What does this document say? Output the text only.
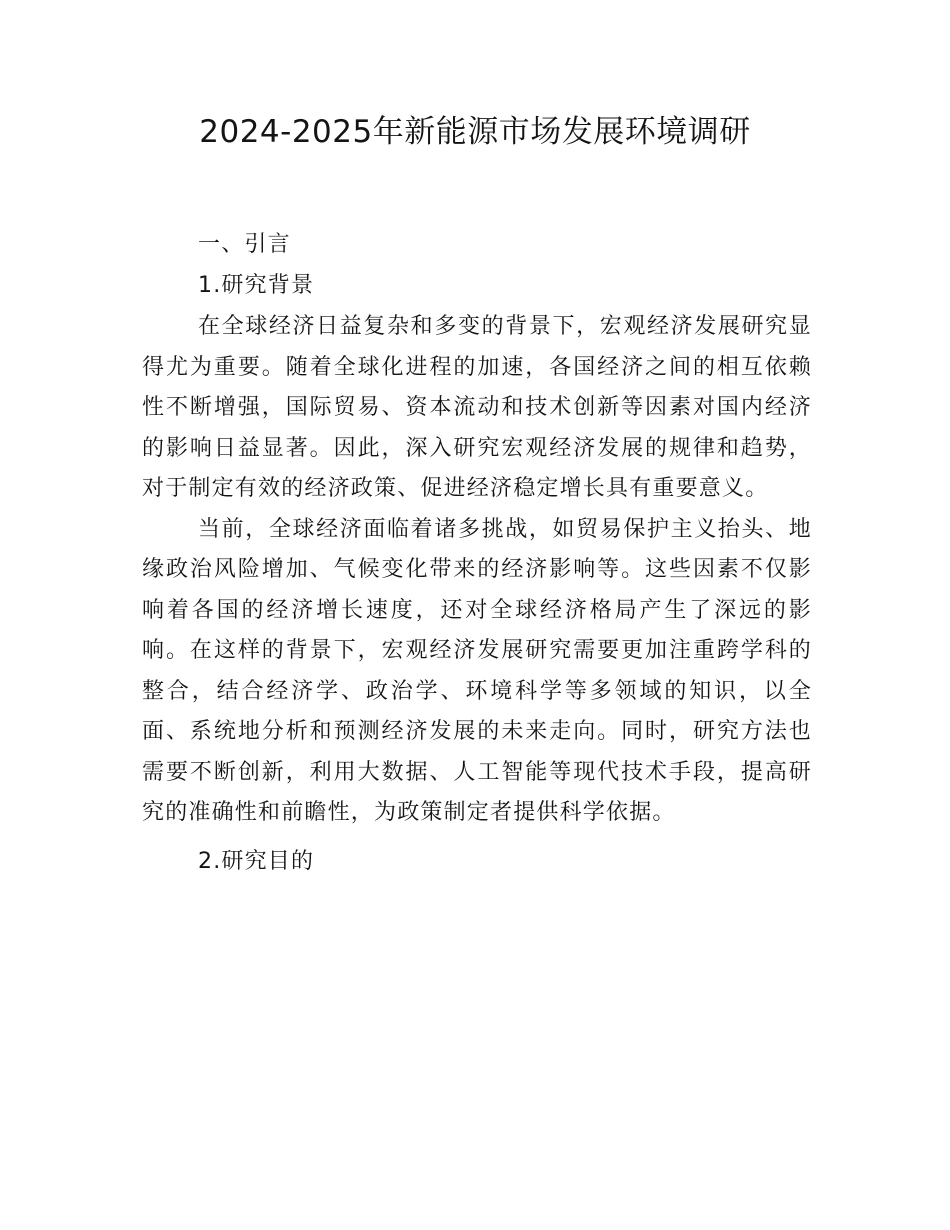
2024-2025年新能源市场发展环境调研
一、引言
1.研究背景

在全球经济日益复杂和多变的背景下，宏观经济发展研究显得尤为重要。随着全球化进程的加速，各国经济之间的相互依赖性不断增强，国际贸易、资本流动和技术创新等因素对国内经济的影响日益显著。因此，深入研究宏观经济发展的规律和趋势，对于制定有效的经济政策、促进经济稳定增长具有重要意义。

当前，全球经济面临着诸多挑战，如贸易保护主义抬头、地缘政治风险增加、气候变化带来的经济影响等。这些因素不仅影响着各国的经济增长速度，还对全球经济格局产生了深远的影响。在这样的背景下，宏观经济发展研究需要更加注重跨学科的整合，结合经济学、政治学、环境科学等多领域的知识，以全面、系统地分析和预测经济发展的未来走向。同时，研究方法也需要不断创新，利用大数据、人工智能等现代技术手段，提高研究的准确性和前瞻性，为政策制定者提供科学依据。

2.研究目的
